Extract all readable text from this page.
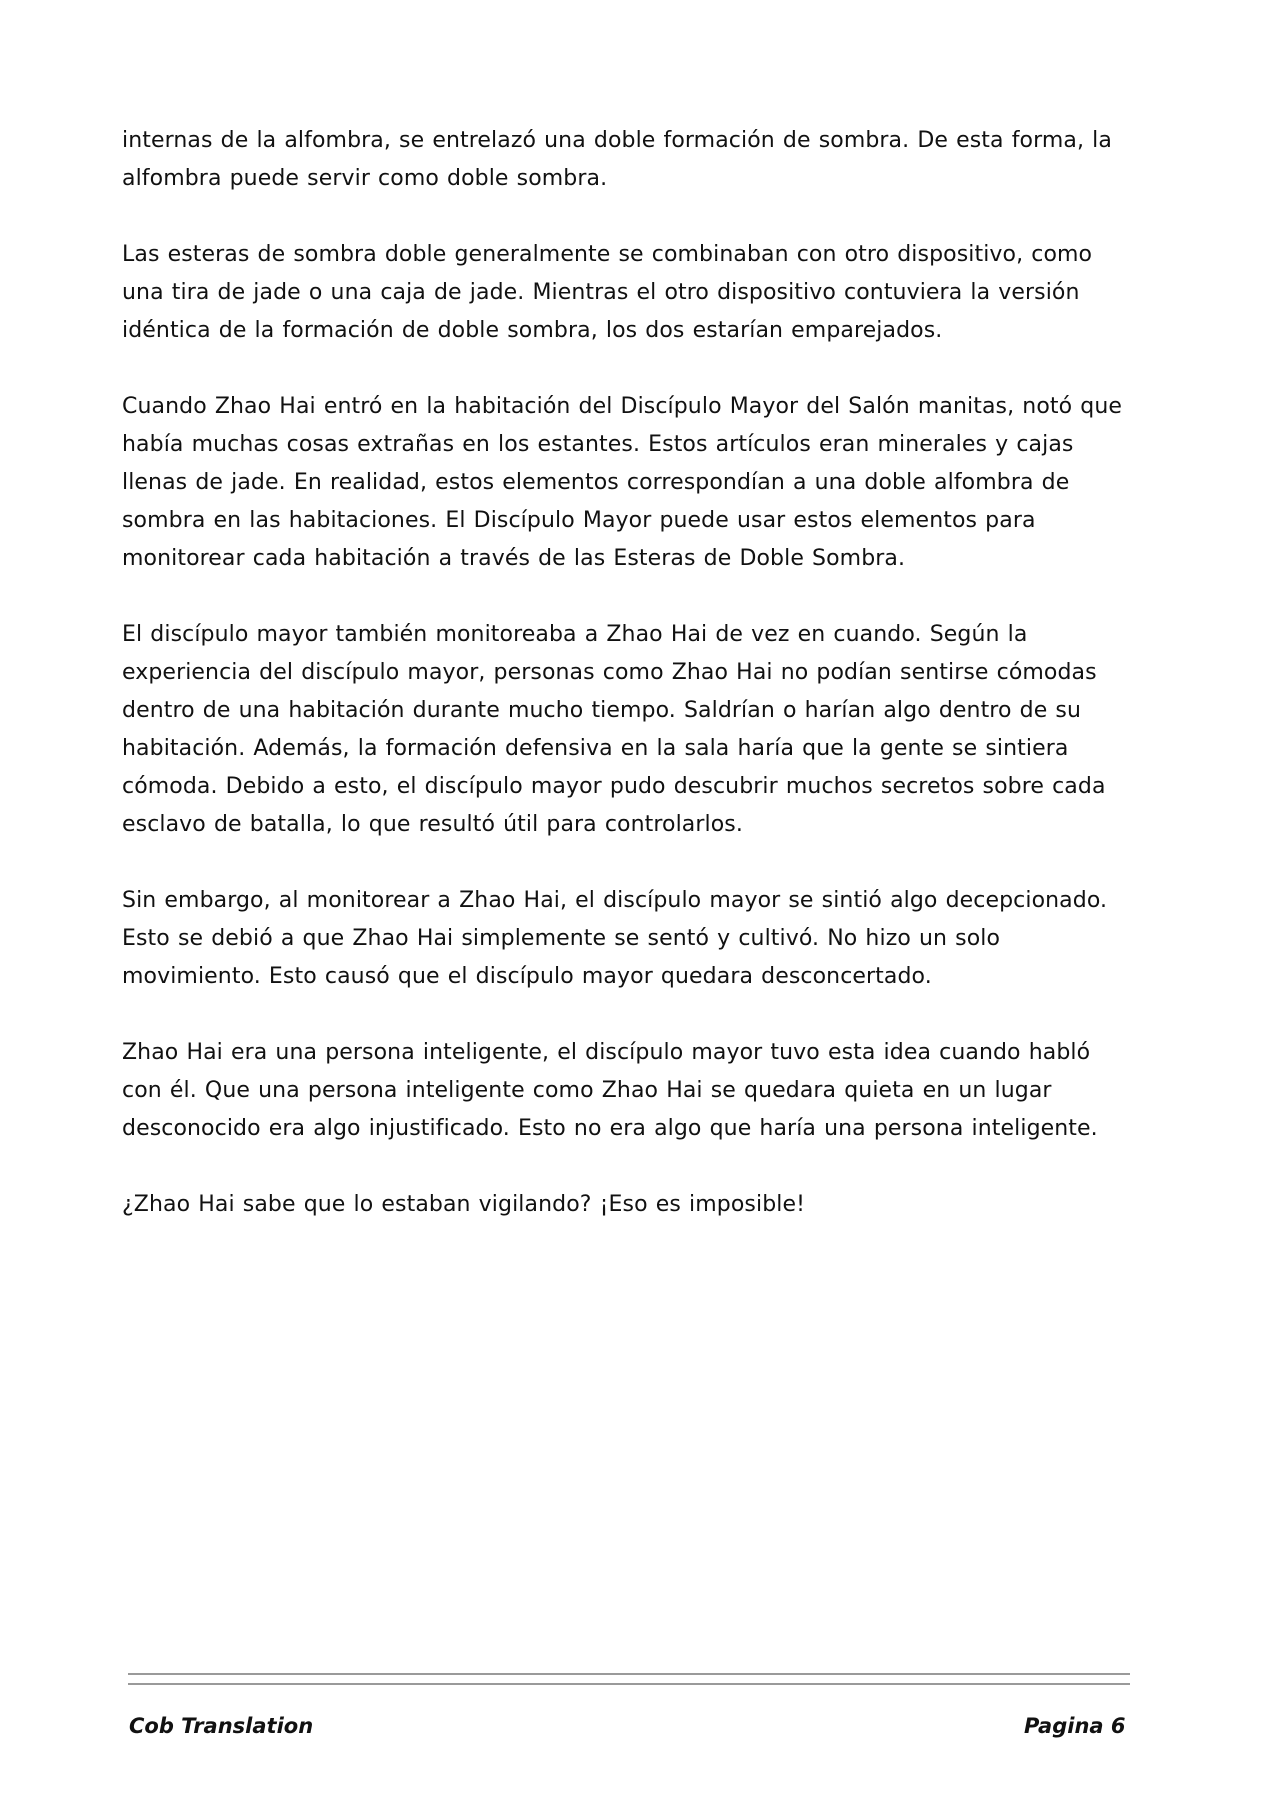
internas de la alfombra, se entrelazó una doble formación de sombra. De esta forma, la alfombra puede servir como doble sombra.

Las esteras de sombra doble generalmente se combinaban con otro dispositivo, como una tira de jade o una caja de jade. Mientras el otro dispositivo contuviera la versión idéntica de la formación de doble sombra, los dos estarían emparejados.

Cuando Zhao Hai entró en la habitación del Discípulo Mayor del Salón manitas, notó que había muchas cosas extrañas en los estantes. Estos artículos eran minerales y cajas llenas de jade. En realidad, estos elementos correspondían a una doble alfombra de sombra en las habitaciones. El Discípulo Mayor puede usar estos elementos para monitorear cada habitación a través de las Esteras de Doble Sombra.

El discípulo mayor también monitoreaba a Zhao Hai de vez en cuando. Según la experiencia del discípulo mayor, personas como Zhao Hai no podían sentirse cómodas dentro de una habitación durante mucho tiempo. Saldrían o harían algo dentro de su habitación. Además, la formación defensiva en la sala haría que la gente se sintiera cómoda. Debido a esto, el discípulo mayor pudo descubrir muchos secretos sobre cada esclavo de batalla, lo que resultó útil para controlarlos.

Sin embargo, al monitorear a Zhao Hai, el discípulo mayor se sintió algo decepcionado. Esto se debió a que Zhao Hai simplemente se sentó y cultivó. No hizo un solo movimiento. Esto causó que el discípulo mayor quedara desconcertado.

Zhao Hai era una persona inteligente, el discípulo mayor tuvo esta idea cuando habló con él. Que una persona inteligente como Zhao Hai se quedara quieta en un lugar desconocido era algo injustificado. Esto no era algo que haría una persona inteligente.

¿Zhao Hai sabe que lo estaban vigilando? ¡Eso es imposible!

Cob Translation	Pagina 6
